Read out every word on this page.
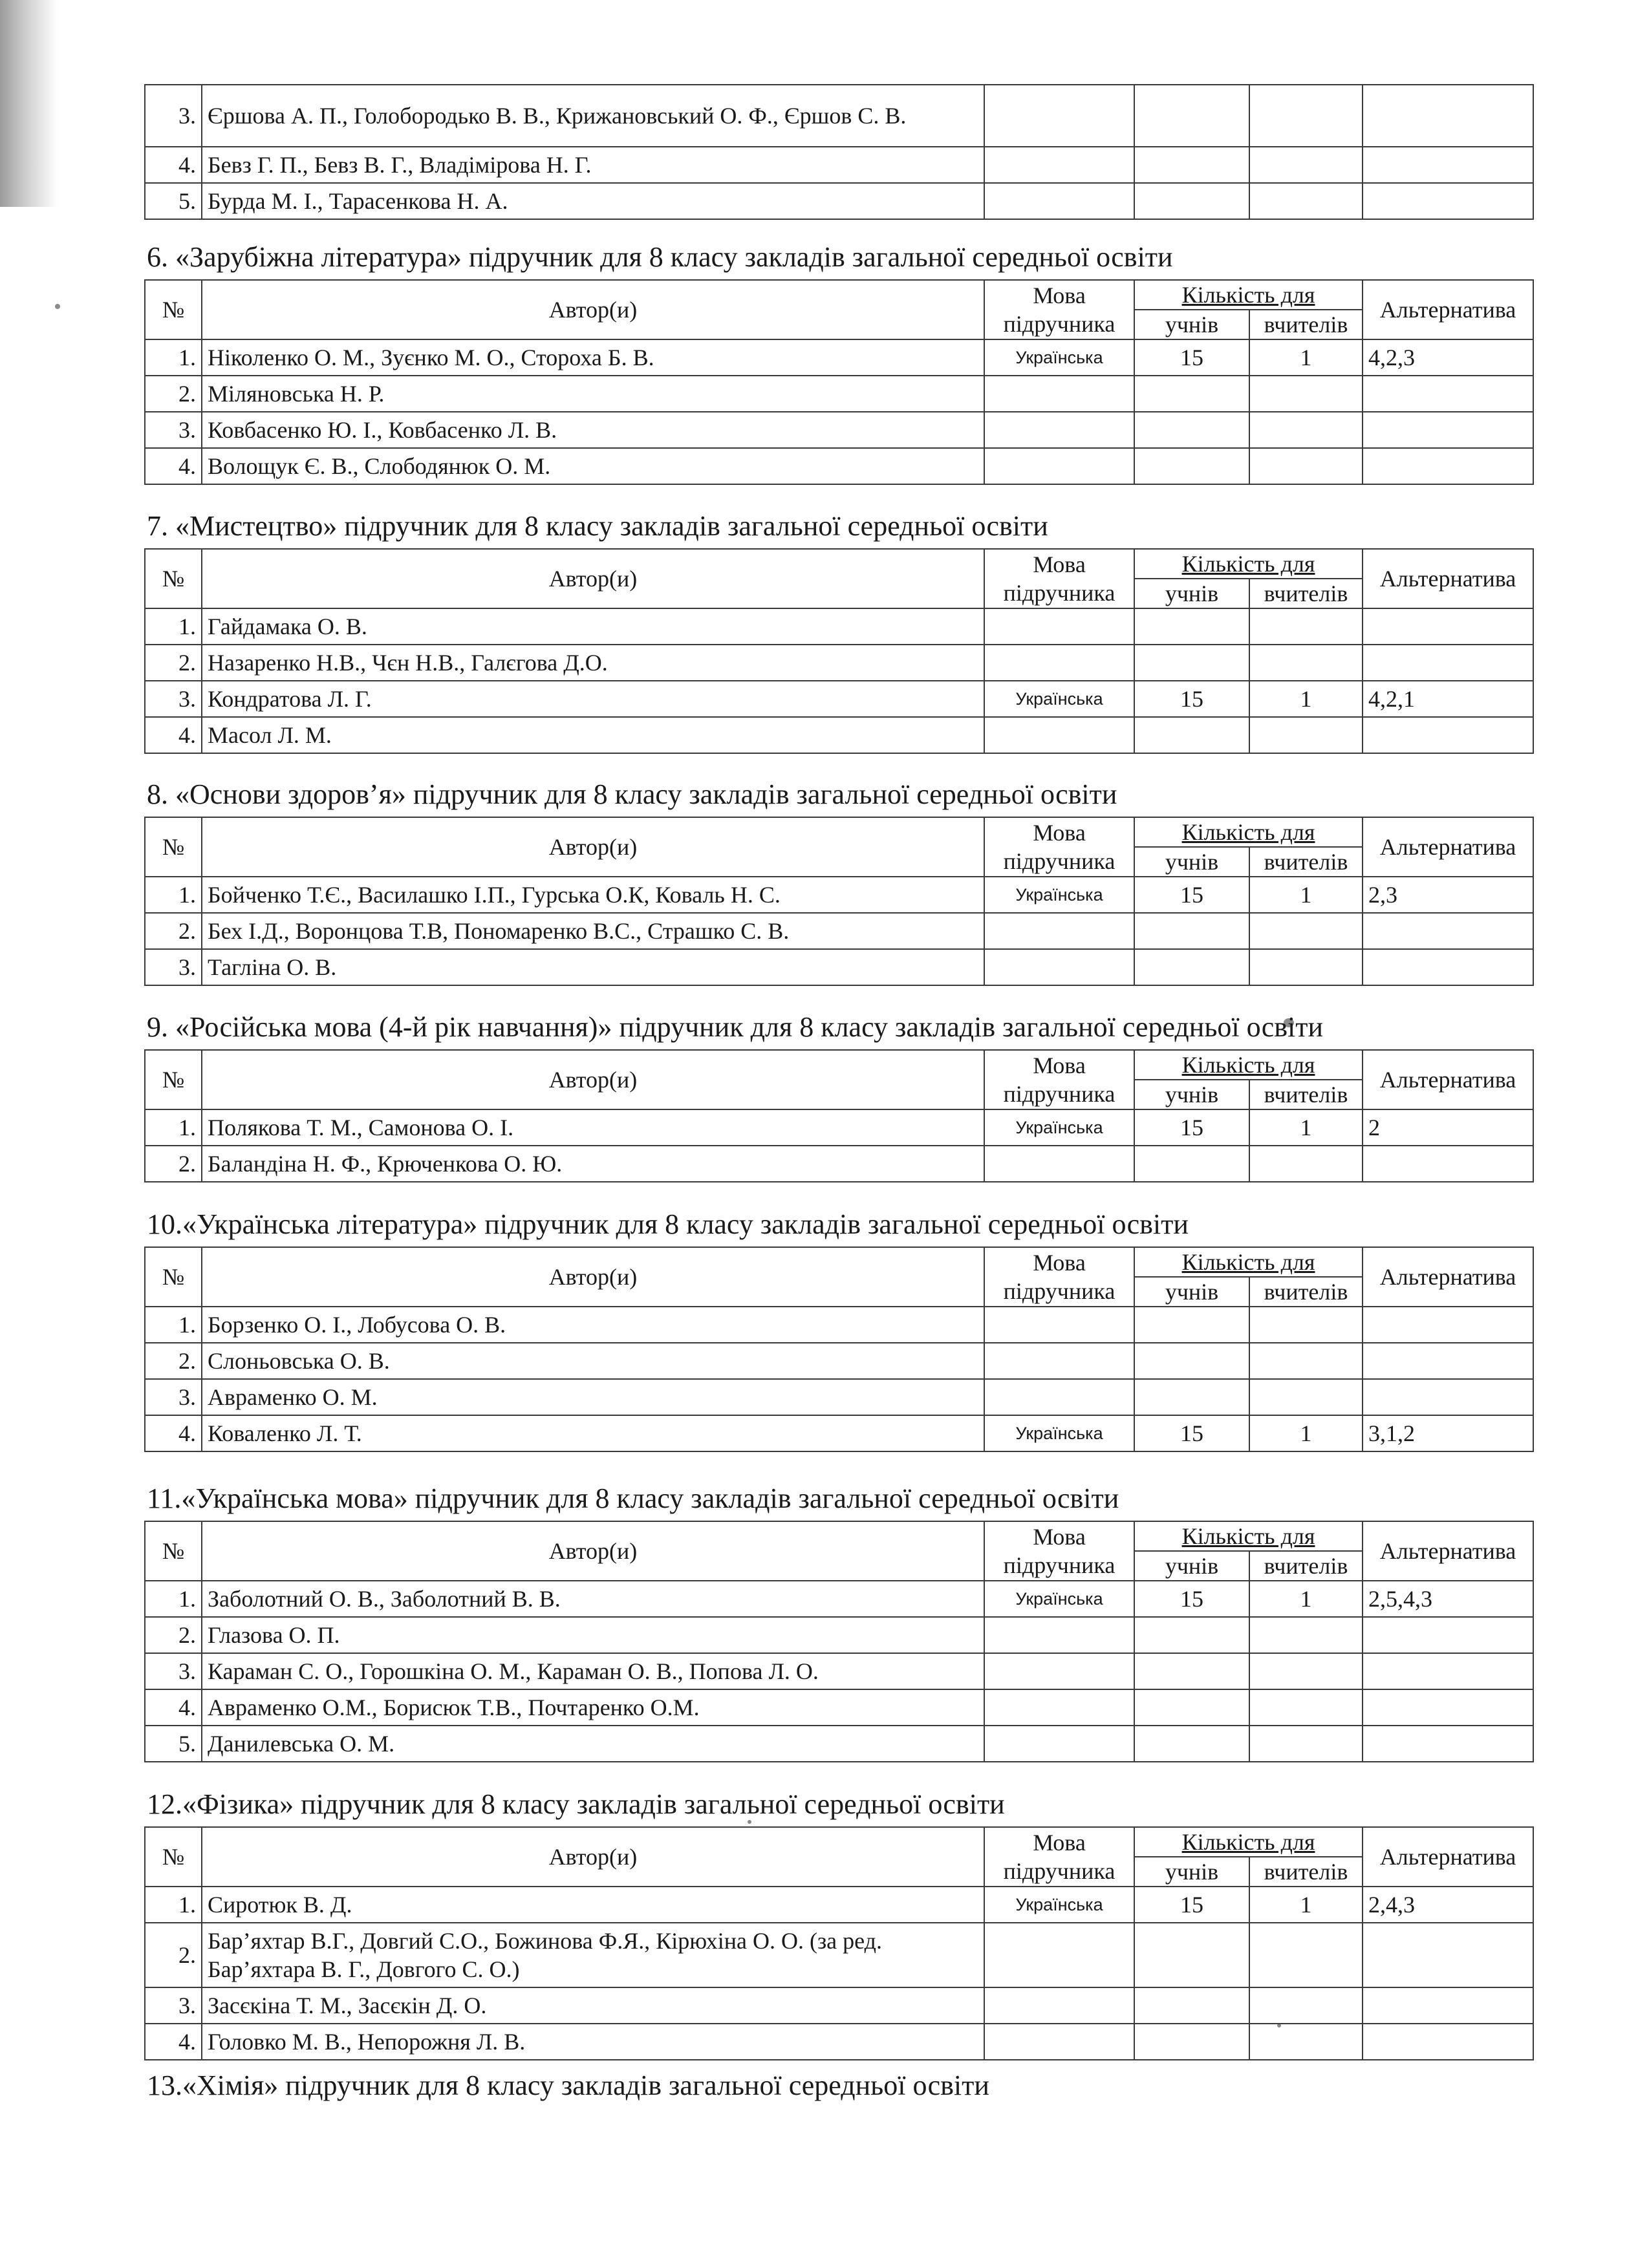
3.	Єршова А. П., Голобородько В. В., Крижановський О. Ф., Єршов С. В.				
4.	Бевз Г. П., Бевз В. Г., Владімірова Н. Г.				
5.	Бурда М. І., Тарасенкова Н. А.				
6. «Зарубіжна література» підручник для 8 класу закладів загальної середньої освіти
№	Автор(и)	Мова підручника	Кількість для		Альтернатива
			учнів	вчителів	
1.	Ніколенко О. М., Зуєнко М. О., Стороха Б. В.	Українська	15	1	4,2,3
2.	Міляновська Н. Р.				
3.	Ковбасенко Ю. І., Ковбасенко Л. В.				
4.	Волощук Є. В., Слободянюк О. М.				
7. «Мистецтво» підручник для 8 класу закладів загальної середньої освіти
№	Автор(и)	Мова підручника	Кількість для		Альтернатива
			учнів	вчителів	
1.	Гайдамака О. В.				
2.	Назаренко Н.В., Чєн Н.В., Галєгова Д.О.				
3.	Кондратова Л. Г.	Українська	15	1	4,2,1
4.	Масол Л. М.				
8. «Основи здоров’я» підручник для 8 класу закладів загальної середньої освіти
№	Автор(и)	Мова підручника	Кількість для		Альтернатива
			учнів	вчителів	
1.	Бойченко Т.Є., Василашко І.П., Гурська О.К, Коваль Н. С.	Українська	15	1	2,3
2.	Бех І.Д., Воронцова Т.В, Пономаренко В.С., Страшко С. В.				
3.	Тагліна О. В.				
9. «Російська мова (4-й рік навчання)» підручник для 8 класу закладів загальної середньої освіти
№	Автор(и)	Мова підручника	Кількість для		Альтернатива
			учнів	вчителів	
1.	Полякова Т. М., Самонова О. І.	Українська	15	1	2
2.	Баландіна Н. Ф., Крюченкова О. Ю.				
10.«Українська література» підручник для 8 класу закладів загальної середньої освіти
№	Автор(и)	Мова підручника	Кількість для		Альтернатива
			учнів	вчителів	
1.	Борзенко О. І., Лобусова О. В.				
2.	Слоньовська О. В.				
3.	Авраменко О. М.				
4.	Коваленко Л. Т.	Українська	15	1	3,1,2
11.«Українська мова» підручник для 8 класу закладів загальної середньої освіти
№	Автор(и)	Мова підручника	Кількість для		Альтернатива
			учнів	вчителів	
1.	Заболотний О. В., Заболотний В. В.	Українська	15	1	2,5,4,3
2.	Глазова О. П.				
3.	Караман С. О., Горошкіна О. М., Караман О. В., Попова Л. О.				
4.	Авраменко О.М., Борисюк Т.В., Почтаренко О.М.				
5.	Данилевська О. М.				
12.«Фізика» підручник для 8 класу закладів загальної середньої освіти
№	Автор(и)	Мова підручника	Кількість для		Альтернатива
			учнів	вчителів	
1.	Сиротюк В. Д.	Українська	15	1	2,4,3
2.	Бар’яхтар В.Г., Довгий С.О., Божинова Ф.Я., Кірюхіна О. О. (за ред. Бар’яхтара В. Г., Довгого С. О.)				
3.	Засєкіна Т. М., Засєкін Д. О.				
4.	Головко М. В., Непорожня Л. В.				
13.«Хімія» підручник для 8 класу закладів загальної середньої освіти
